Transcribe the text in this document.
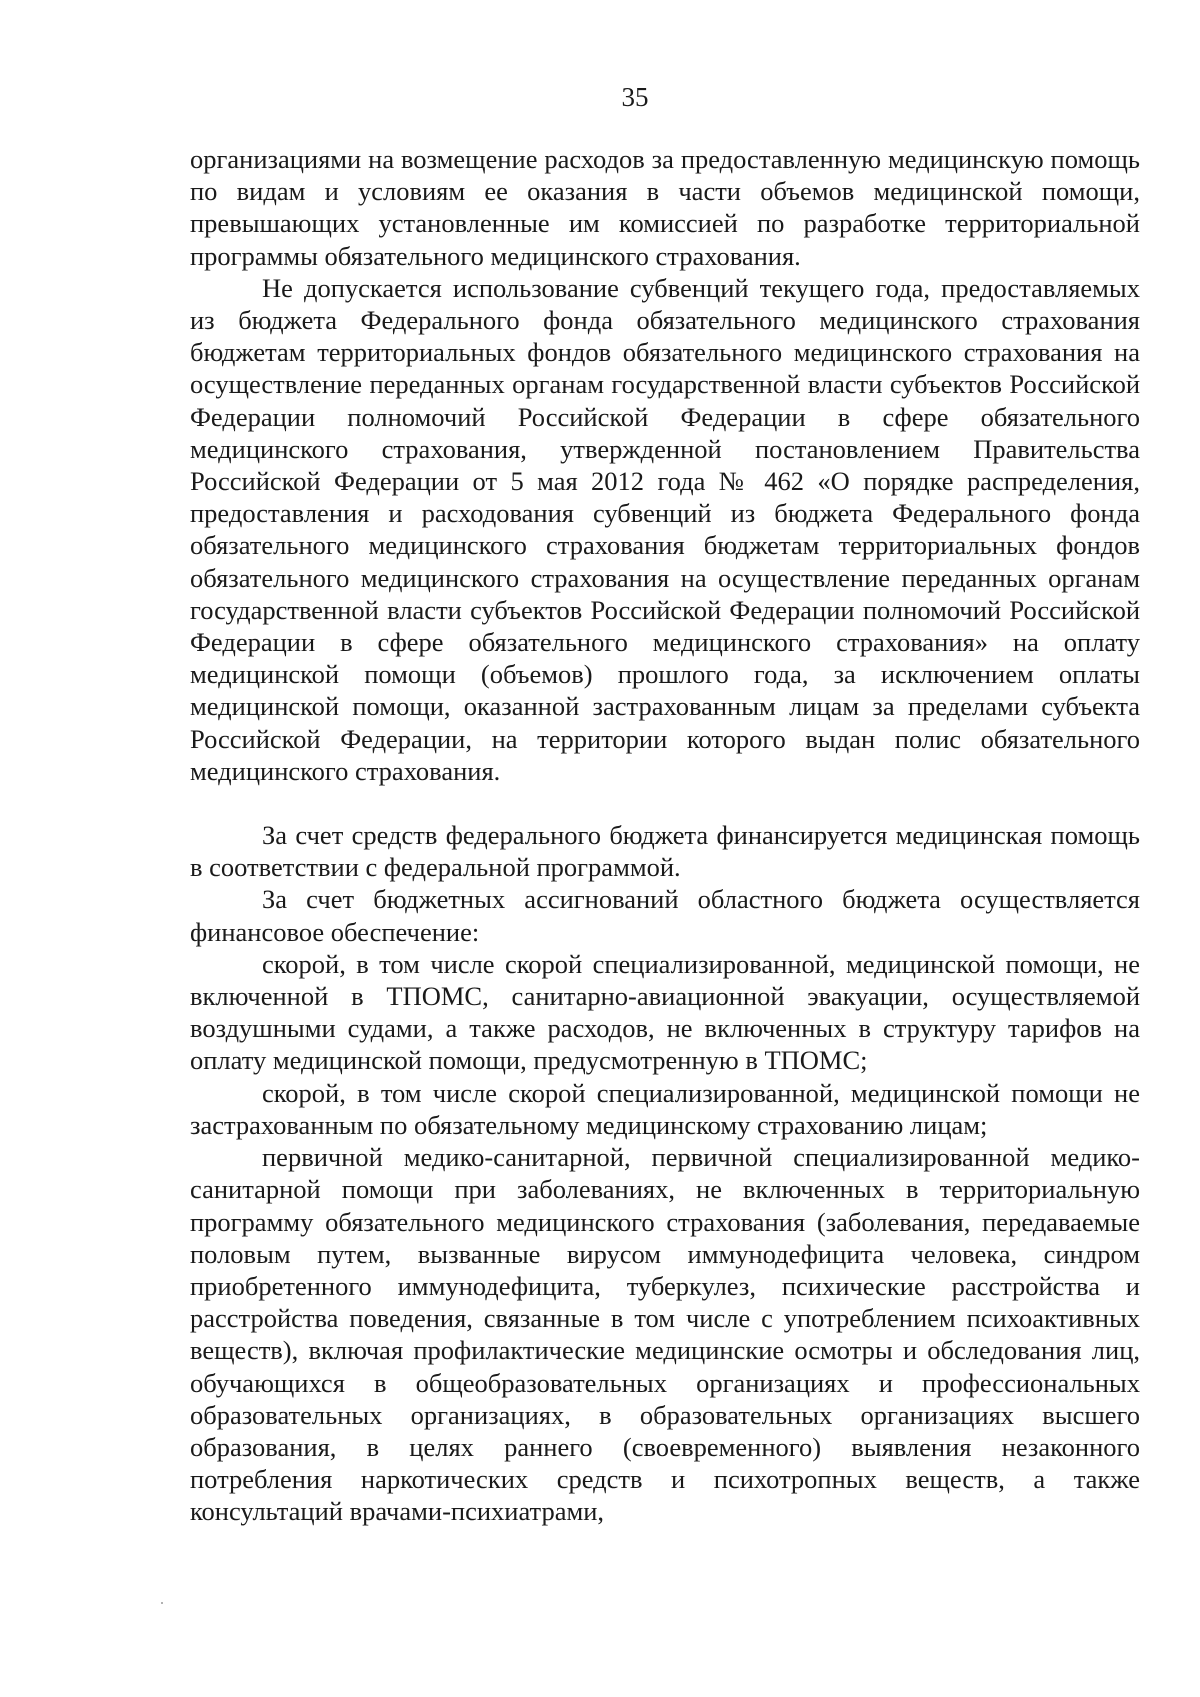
35

организациями на возмещение расходов за предоставленную медицинскую помощь по видам и условиям ее оказания в части объемов медицинской помощи, превышающих установленные им комиссией по разработке территориальной программы обязательного медицинского страхования.

Не допускается использование субвенций текущего года, предоставляемых из бюджета Федерального фонда обязательного медицинского страхования бюджетам территориальных фондов обязательного медицинского страхования на осуществление переданных органам государственной власти субъектов Российской Федерации полномочий Российской Федерации в сфере обязательного медицинского страхования, утвержденной постановлением Правительства Российской Федерации от 5 мая 2012 года № 462 «О порядке распределения, предоставления и расходования субвенций из бюджета Федерального фонда обязательного медицинского страхования бюджетам территориальных фондов обязательного медицинского страхования на осуществление переданных органам государственной власти субъектов Российской Федерации полномочий Российской Федерации в сфере обязательного медицинского страхования» на оплату медицинской помощи (объемов) прошлого года, за исключением оплаты медицинской помощи, оказанной застрахованным лицам за пределами субъекта Российской Федерации, на территории которого выдан полис обязательного медицинского страхования.

За счет средств федерального бюджета финансируется медицинская помощь в соответствии с федеральной программой.

За счет бюджетных ассигнований областного бюджета осуществляется финансовое обеспечение:

скорой, в том числе скорой специализированной, медицинской помощи, не включенной в ТПОМС, санитарно-авиационной эвакуации, осуществляемой воздушными судами, а также расходов, не включенных в структуру тарифов на оплату медицинской помощи, предусмотренную в ТПОМС;

скорой, в том числе скорой специализированной, медицинской помощи не застрахованным по обязательному медицинскому страхованию лицам;

первичной медико-санитарной, первичной специализированной медико-санитарной помощи при заболеваниях, не включенных в территориальную программу обязательного медицинского страхования (заболевания, передаваемые половым путем, вызванные вирусом иммунодефицита человека, синдром приобретенного иммунодефицита, туберкулез, психические расстройства и расстройства поведения, связанные в том числе с употреблением психоактивных веществ), включая профилактические медицинские осмотры и обследования лиц, обучающихся в общеобразовательных организациях и профессиональных образовательных организациях, в образовательных организациях высшего образования, в целях раннего (своевременного) выявления незаконного потребления наркотических средств и психотропных веществ, а также консультаций врачами-психиатрами,
